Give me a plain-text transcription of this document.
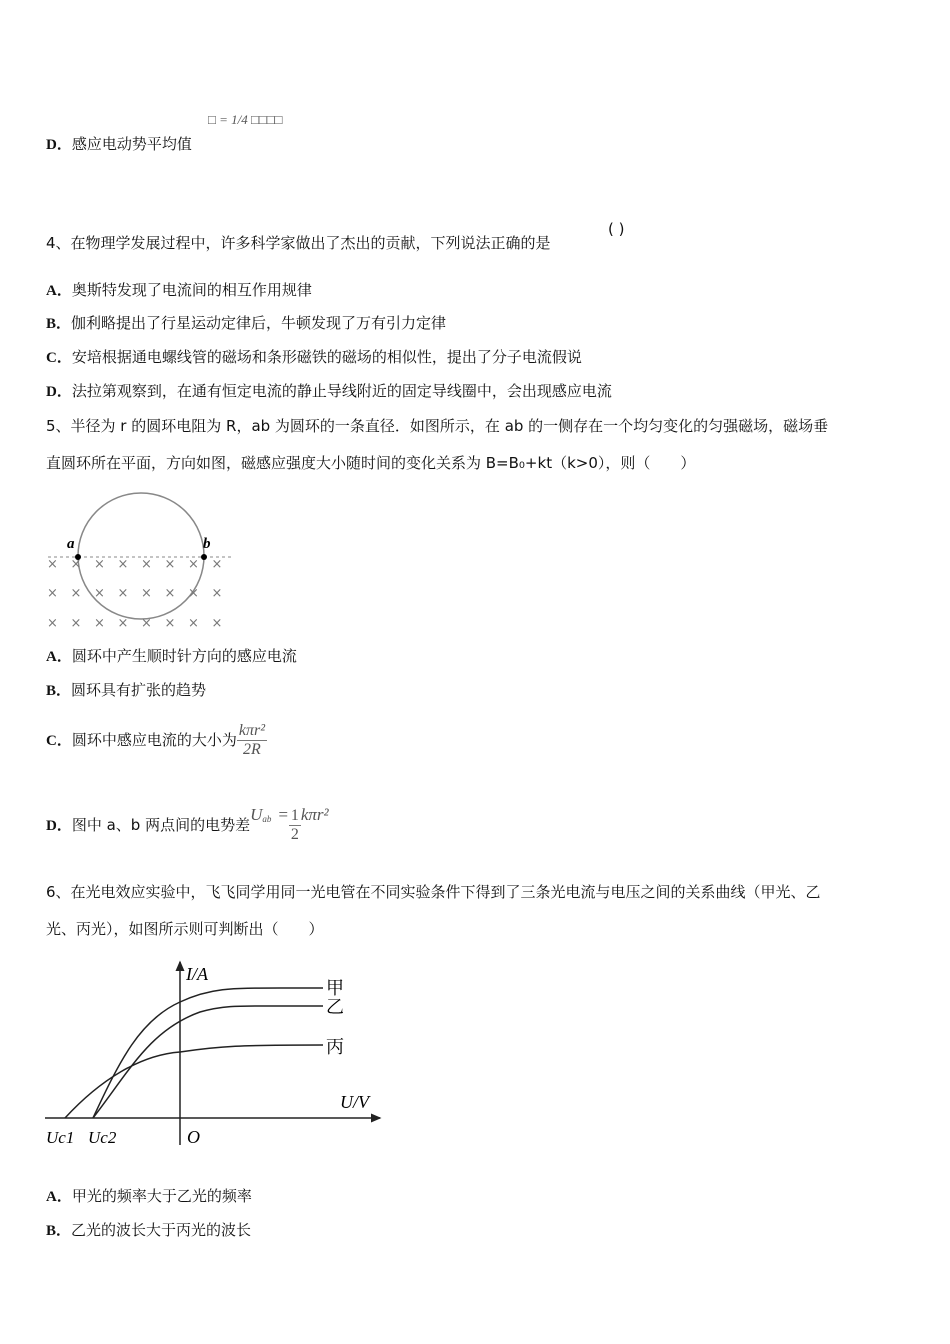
□ = 1/4 □□□□
D．感应电动势平均值
4、在物理学发展过程中，许多科学家做出了杰出的贡献，下列说法正确的是
( )
A．奥斯特发现了电流间的相互作用规律
B．伽利略提出了行星运动定律后，牛顿发现了万有引力定律
C．安培根据通电螺线管的磁场和条形磁铁的磁场的相似性，提出了分子电流假说
D．法拉第观察到，在通有恒定电流的静止导线附近的固定导线圈中，会出现感应电流
5、半径为 r 的圆环电阻为 R，ab 为圆环的一条直径．如图所示，在 ab 的一侧存在一个均匀变化的匀强磁场，磁场垂
直圆环所在平面，方向如图，磁感应强度大小随时间的变化关系为 B=B₀+kt（k>0），则（　　）
a	b
× × × × × × × ×
× × × × × × × ×
× × × × × × × ×
A．圆环中产生顺时针方向的感应电流
B．圆环具有扩张的趋势
C．圆环中感应电流的大小为 $\frac{\text{kπr²}}{2R}$
D．图中 a、b 两点间的电势差$U^{ab} = \frac{1}{2} k\pi r^2$
6、在光电效应实验中，飞飞同学用同一光电管在不同实验条件下得到了三条光电流与电压之间的关系曲线（甲光、乙
光、丙光），如图所示则可判断出（　　）
I/A
U/V
O
Uc1 Uc2
甲
乙
丙
A．甲光的频率大于乙光的频率
B．乙光的波长大于丙光的波长
